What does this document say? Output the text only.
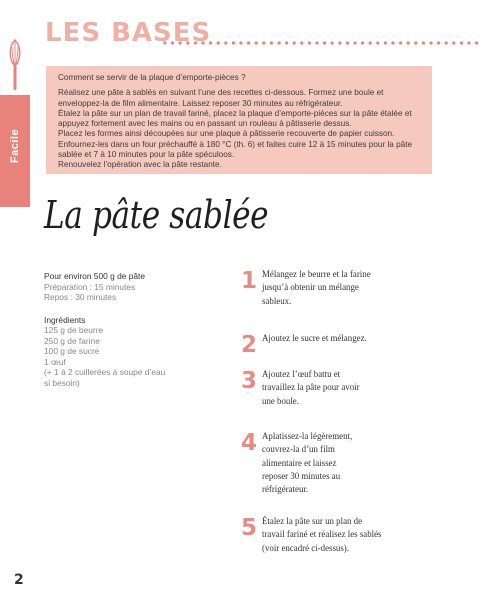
Facile
LES BASES

Comment se servir de la plaque d’emporte-pièces ?

Réalisez une pâte à sablés en suivant l’une des recettes ci-dessous. Formez une boule et enveloppez-la de film alimentaire. Laissez reposer 30 minutes au réfrigérateur.

Étalez la pâte sur un plan de travail fariné, placez la plaque d’emporte-pièces sur la pâte étalée et appuyez fortement avec les mains ou en passant un rouleau à pâtisserie dessus.

Placez les formes ainsi découpées sur une plaque à pâtisserie recouverte de papier cuisson.

Enfournez-les dans un four préchauffé à 180 °C (th. 6) et faites cuire 12 à 15 minutes pour la pâte sablée et 7 à 10 minutes pour la pâte spéculoos.

Renouvelez l’opération avec la pâte restante.

La pâte sablée

Pour environ 500 g de pâte

Préparation : 15 minutes

Repos : 30 minutes

Ingrédients

125 g de beurre

250 g de farine

100 g de sucre

1 œuf

(+ 1 à 2 cuillerées à soupe d’eau

si besoin)

1 Mélangez le beurre et la farine
jusqu’à obtenir un mélange
sableux.
2 Ajoutez le sucre et mélangez.
3 Ajoutez l’œuf battu et
travaillez la pâte pour avoir
une boule.
4 Aplatissez-la légèrement,
couvrez-la d’un film
alimentaire et laissez
reposer 30 minutes au
réfrigérateur.
5 Étalez la pâte sur un plan de
travail fariné et réalisez les sablés
(voir encadré ci-dessus).
2
